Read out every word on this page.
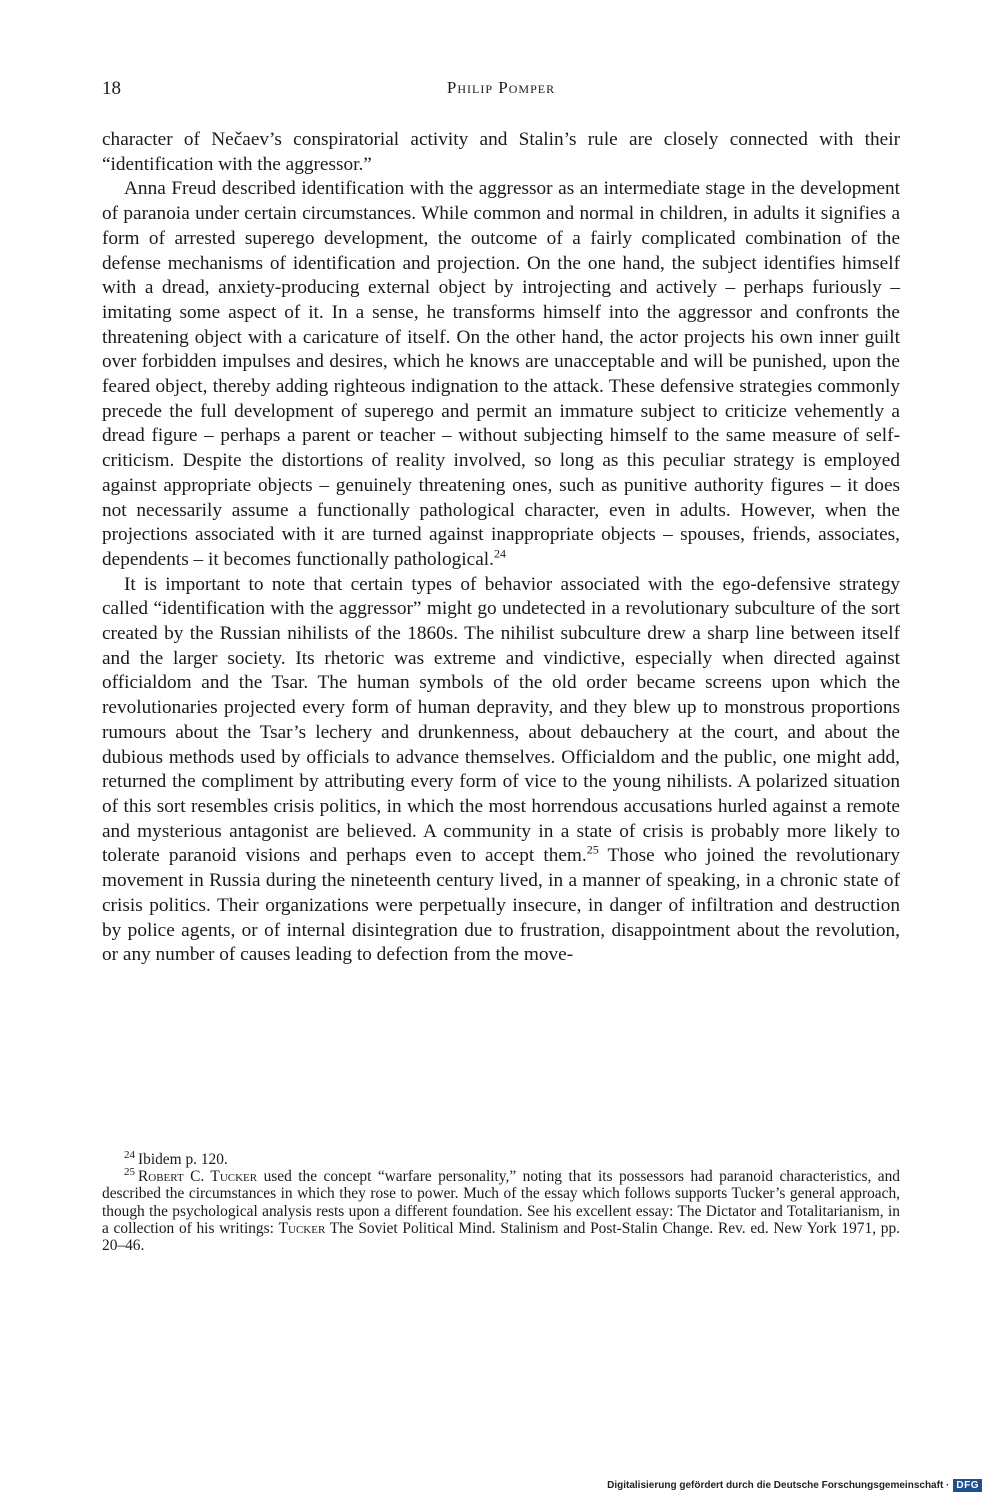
18	Philip Pomper

character of Nečaev’s conspiratorial activity and Stalin’s rule are closely connected with their “identification with the aggressor.”

Anna Freud described identification with the aggressor as an intermediate stage in the development of paranoia under certain circumstances. While common and normal in children, in adults it signifies a form of arrested superego development, the outcome of a fairly complicated combination of the defense mechanisms of identification and projection. On the one hand, the subject identifies himself with a dread, anxiety-producing external object by introjecting and actively – perhaps furiously – imitating some aspect of it. In a sense, he transforms himself into the aggressor and confronts the threatening object with a caricature of itself. On the other hand, the actor projects his own inner guilt over forbidden impulses and desires, which he knows are unacceptable and will be punished, upon the feared object, thereby adding righteous indignation to the attack. These defensive strategies commonly precede the full development of superego and permit an immature subject to criticize vehemently a dread figure – perhaps a parent or teacher – without subjecting himself to the same measure of self-criticism. Despite the distortions of reality involved, so long as this peculiar strategy is employed against appropriate objects – genuinely threatening ones, such as punitive authority figures – it does not necessarily assume a functionally pathological character, even in adults. However, when the projections associated with it are turned against inappropriate objects – spouses, friends, associates, dependents – it becomes functionally pathological.$^{24}$

It is important to note that certain types of behavior associated with the ego-defensive strategy called “identification with the aggressor” might go undetected in a revolutionary subculture of the sort created by the Russian nihilists of the 1860s. The nihilist subculture drew a sharp line between itself and the larger society. Its rhetoric was extreme and vindictive, especially when directed against officialdom and the Tsar. The human symbols of the old order became screens upon which the revolutionaries projected every form of human depravity, and they blew up to monstrous proportions rumours about the Tsar’s lechery and drunkenness, about debauchery at the court, and about the dubious methods used by officials to advance themselves. Officialdom and the public, one might add, returned the compliment by attributing every form of vice to the young nihilists. A polarized situation of this sort resembles crisis politics, in which the most horrendous accusations hurled against a remote and mysterious antagonist are believed. A community in a state of crisis is probably more likely to tolerate paranoid visions and perhaps even to accept them.$^{25}$ Those who joined the revolutionary movement in Russia during the nineteenth century lived, in a manner of speaking, in a chronic state of crisis politics. Their organizations were perpetually insecure, in danger of infiltration and destruction by police agents, or of internal disintegration due to frustration, disappointment about the revolution, or any number of causes leading to defection from the move-

$^{24}$ Ibidem p. 120.

$^{25}$ Robert C. Tucker used the concept “warfare personality,” noting that its possessors had paranoid characteristics, and described the circumstances in which they rose to power. Much of the essay which follows supports Tucker’s general approach, though the psychological analysis rests upon a different foundation. See his excellent essay: The Dictator and Totalitarianism, in a collection of his writings: Tucker The Soviet Political Mind. Stalinism and Post-Stalin Change. Rev. ed. New York 1971, pp. 20–46.

Digitalisierung gefördert durch die Deutsche Forschungsgemeinschaft · DFG
